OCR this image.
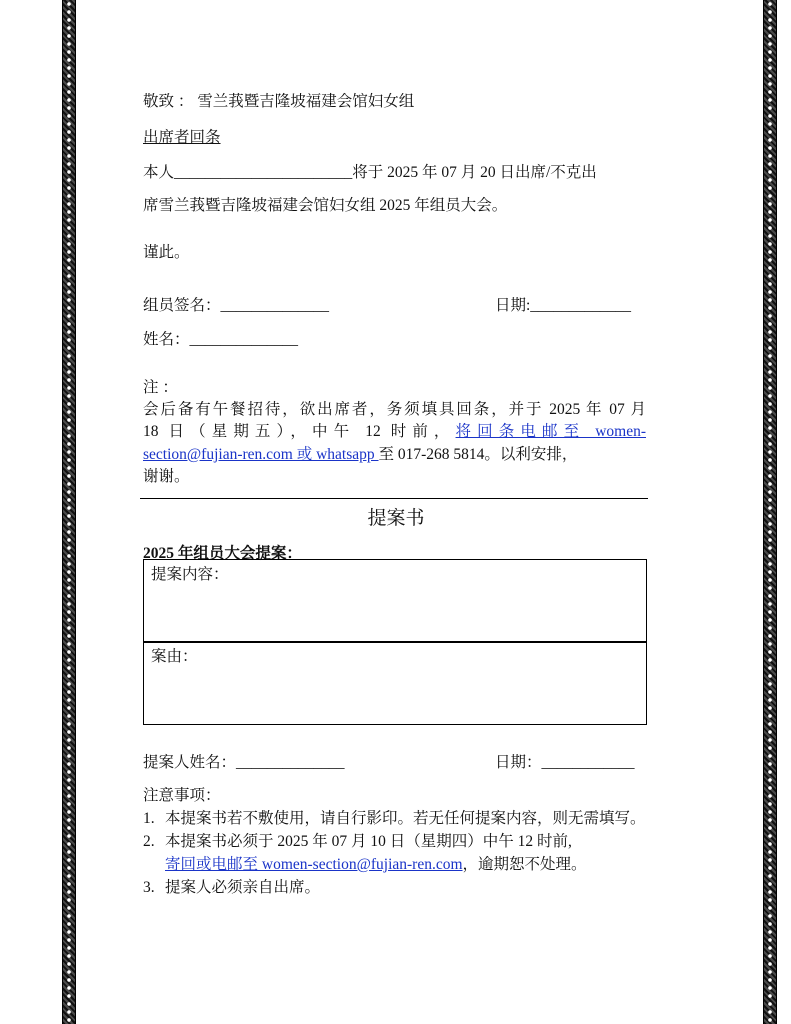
敬致 ： 雪兰莪暨吉隆坡福建会馆妇女组
出席者回条
本人_______________________将于 2025 年 07 月 20 日出席/不克出
席雪兰莪暨吉隆坡福建会馆妇女组 2025 年组员大会。
谨此。
组员签名：______________	日期:_____________
姓名：______________
注 ：
会后备有午餐招待，欲出席者，务须填具回条，并于 2025 年 07 月
18 日（星期五），中午 12 时前，将回条电邮至 women-
section@fujian-ren.com 或 whatsapp 至 017-268 5814。以利安排，
谢谢。
提案书
2025 年组员大会提案：
提案内容：
案由：
提案人姓名：______________	日期：____________
注意事项：
1. 本提案书若不敷使用，请自行影印。若无任何提案内容，则无需填写。
2. 本提案书必须于 2025 年 07 月 10 日（星期四）中午 12 时前,
寄回或电邮至 women-section@fujian-ren.com，逾期恕不处理。
3. 提案人必须亲自出席。
